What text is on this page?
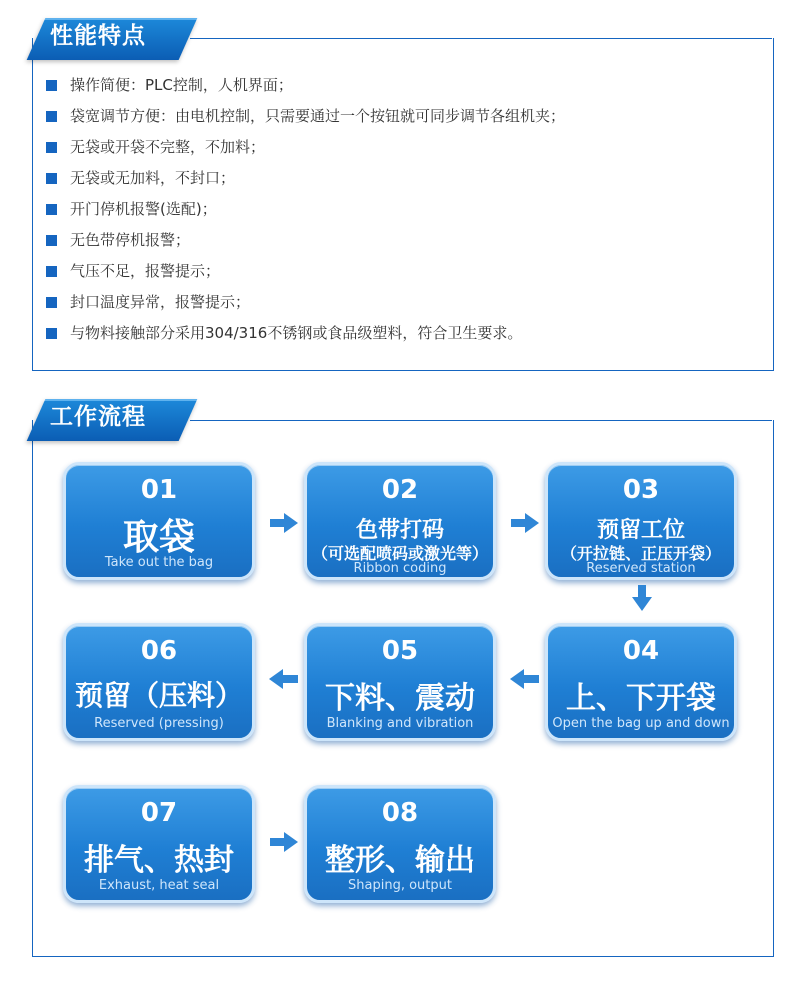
性能特点
操作简便：PLC控制，人机界面；
袋宽调节方便：由电机控制，只需要通过一个按钮就可同步调节各组机夹；
无袋或开袋不完整，不加料；
无袋或无加料，不封口；
开门停机报警(选配)；
无色带停机报警；
气压不足，报警提示；
封口温度异常，报警提示；
与物料接触部分采用304/316不锈钢或食品级塑料，符合卫生要求。
工作流程
01
取袋
Take out the bag
02
色带打码
（可选配喷码或激光等）
Ribbon coding
03
预留工位
（开拉链、正压开袋）
Reserved station
06
预留（压料）
Reserved (pressing)
05
下料、震动
Blanking and vibration
04
上、下开袋
Open the bag up and down
07
排气、热封
Exhaust, heat seal
08
整形、输出
Shaping, output
